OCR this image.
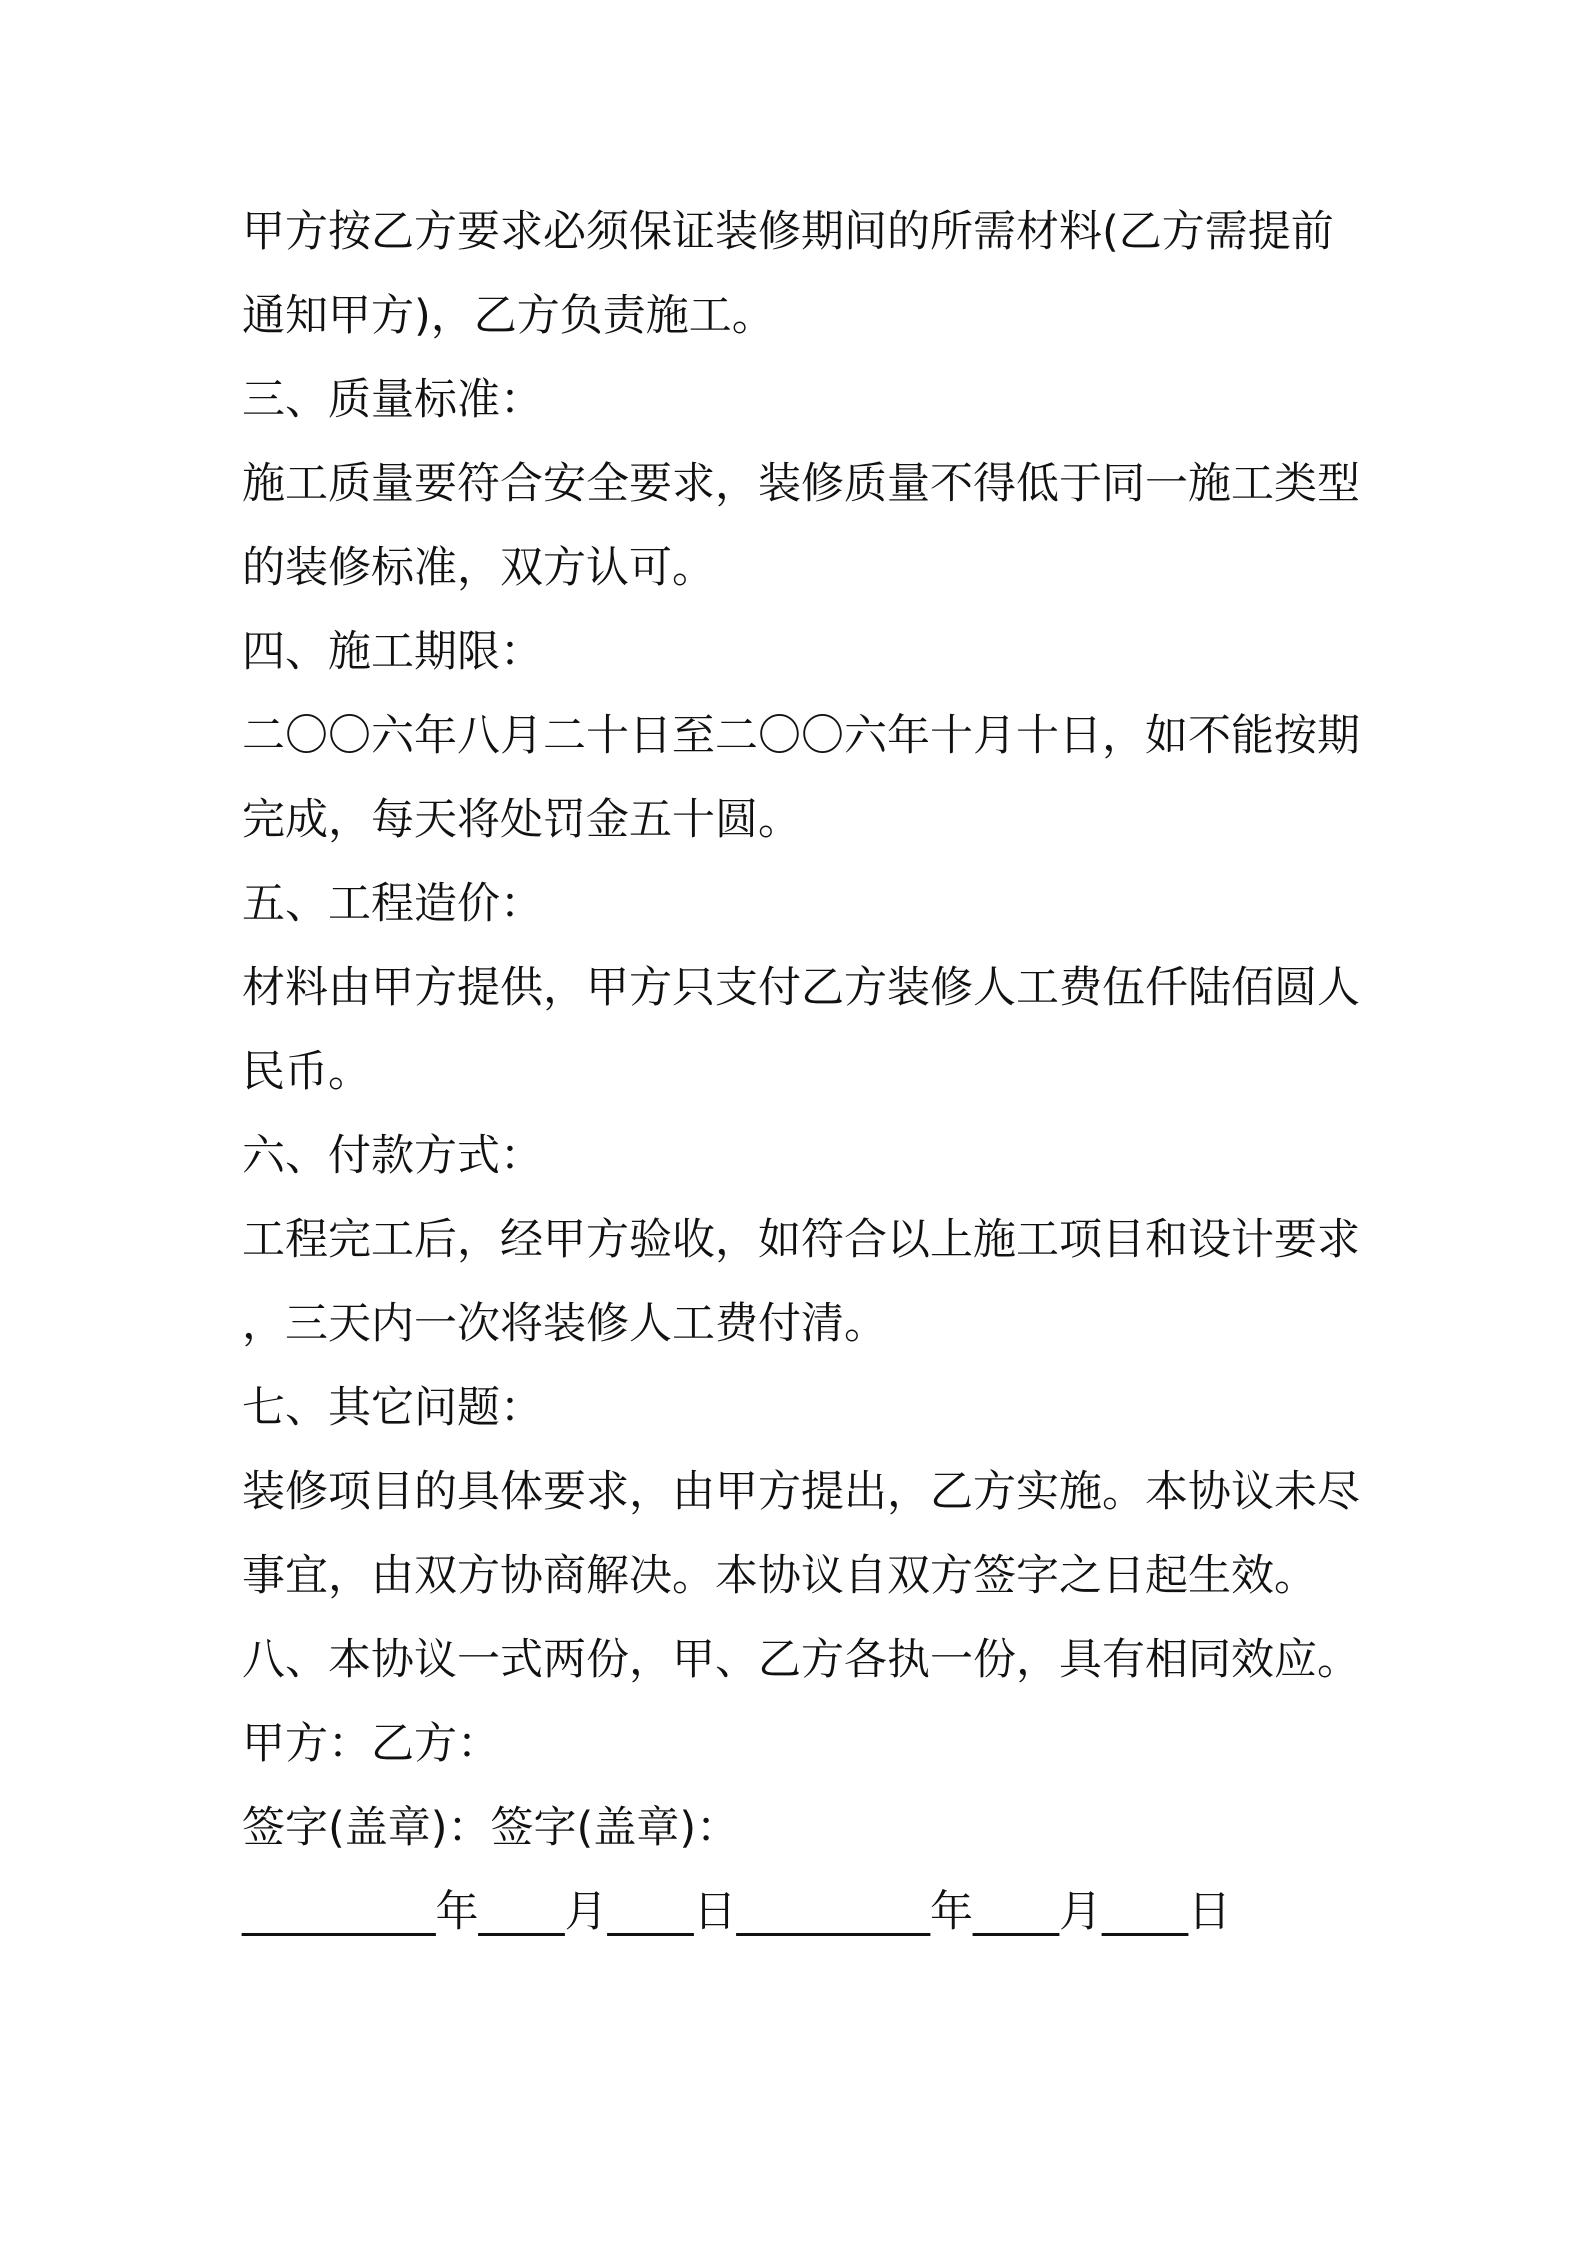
甲方按乙方要求必须保证装修期间的所需材料(乙方需提前
通知甲方)，乙方负责施工。
三、质量标准：
施工质量要符合安全要求，装修质量不得低于同一施工类型
的装修标准，双方认可。
四、施工期限：
二〇〇六年八月二十日至二〇〇六年十月十日，如不能按期
完成，每天将处罚金五十圆。
五、工程造价：
材料由甲方提供，甲方只支付乙方装修人工费伍仟陆佰圆人
民币。
六、付款方式：
工程完工后，经甲方验收，如符合以上施工项目和设计要求
，三天内一次将装修人工费付清。
七、其它问题：
装修项目的具体要求，由甲方提出，乙方实施。本协议未尽
事宜，由双方协商解决。本协议自双方签字之日起生效。
八、本协议一式两份，甲、乙方各执一份，具有相同效应。
甲方：乙方：
签字(盖章)：签字(盖章)：
_________年____月____日_________年____月____日
